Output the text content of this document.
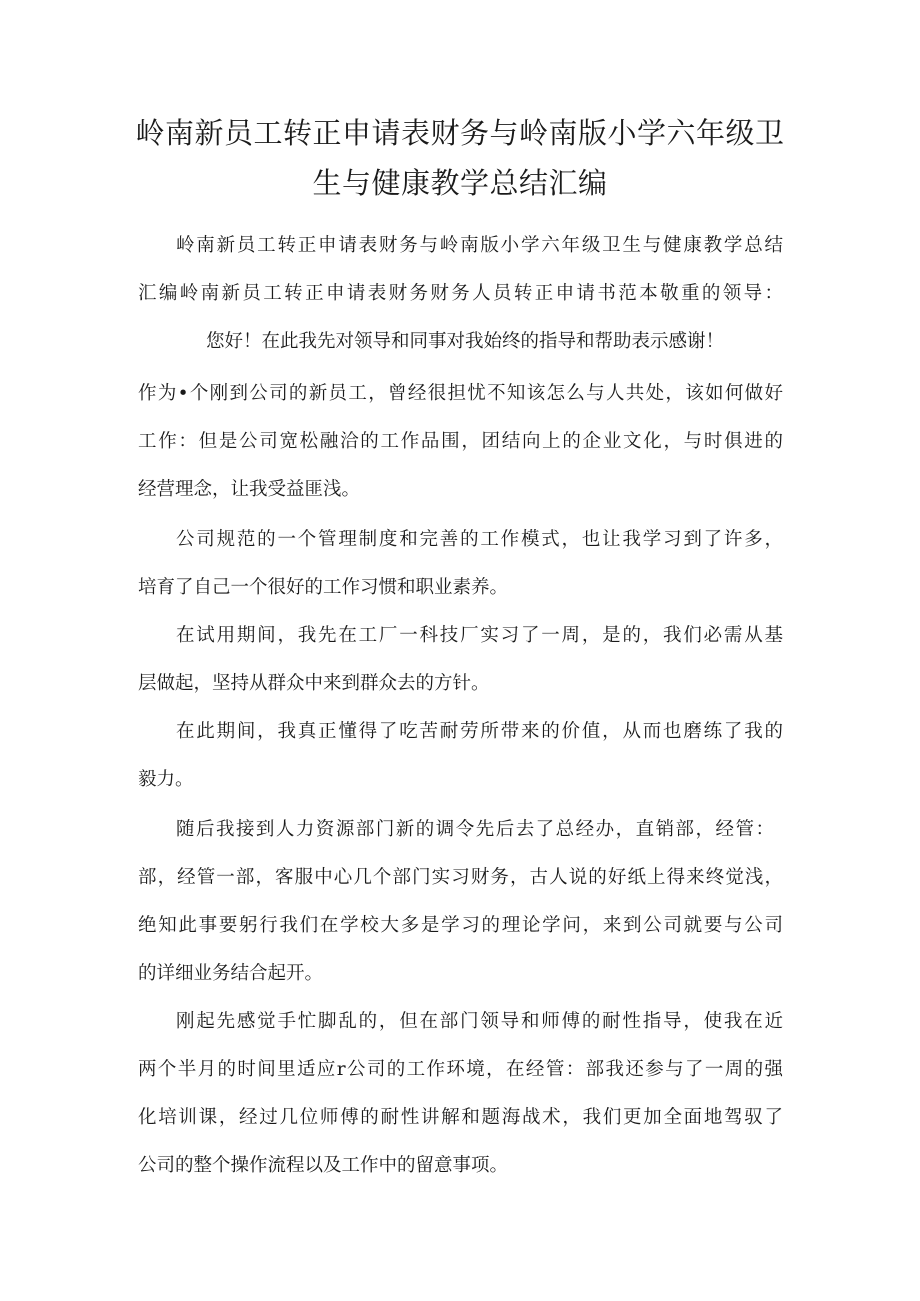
岭南新员工转正申请表财务与岭南版小学六年级卫
生与健康教学总结汇编
岭南新员工转正申请表财务与岭南版小学六年级卫生与健康教学总结
汇编岭南新员工转正申请表财务财务人员转正申请书范本敬重的领导：
您好！在此我先对领导和同事对我始终的指导和帮助表示感谢！
作为•个刚到公司的新员工，曾经很担忧不知该怎么与人共处，该如何做好
工作：但是公司宽松融洽的工作品围，团结向上的企业文化，与时俱进的
经营理念，让我受益匪浅。
公司规范的一个管理制度和完善的工作模式，也让我学习到了许多，
培育了自己一个很好的工作习惯和职业素养。
在试用期间，我先在工厂一科技厂实习了一周，是的，我们必需从基
层做起，坚持从群众中来到群众去的方针。
在此期间，我真正懂得了吃苦耐劳所带来的价值，从而也磨练了我的
毅力。
随后我接到人力资源部门新的调令先后去了总经办，直销部，经管：
部，经管一部，客服中心几个部门实习财务，古人说的好纸上得来终觉浅，
绝知此事要躬行我们在学校大多是学习的理论学问，来到公司就要与公司
的详细业务结合起开。
刚起先感觉手忙脚乱的，但在部门领导和师傅的耐性指导，使我在近
两个半月的时间里适应r公司的工作环境，在经管：部我还参与了一周的强
化培训课，经过几位师傅的耐性讲解和题海战术，我们更加全面地驾驭了
公司的整个操作流程以及工作中的留意事项。
